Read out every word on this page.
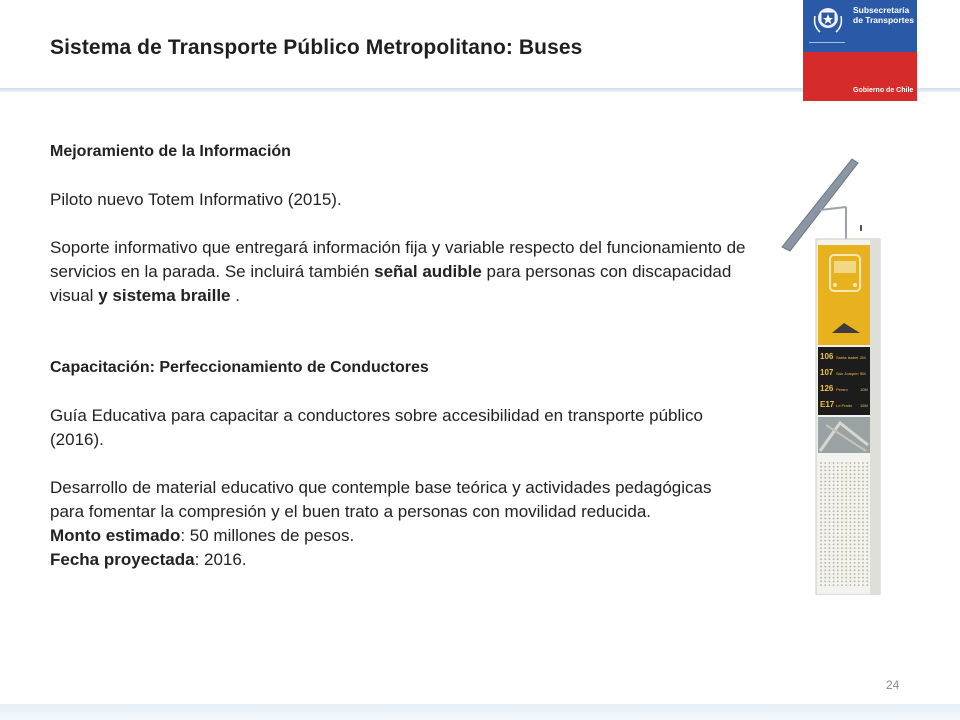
Sistema de Transporte Público Metropolitano: Buses
Subsecretaría
de Transportes
Gobierno de Chile

Mejoramiento de la Información

Piloto nuevo Totem Informativo (2015).

Soporte informativo que entregará información fija y variable respecto del funcionamiento de servicios en la parada. Se incluirá también señal audible para personas con discapacidad visual y sistema braille .

Capacitación: Perfeccionamiento de Conductores

Guía Educativa para capacitar a conductores sobre accesibilidad en transporte público (2016).

Desarrollo de material educativo que contemple base teórica y actividades pedagógicas para fomentar la compresión y el buen trato a personas con movilidad reducida.

Monto estimado: 50 millones de pesos.

Fecha proyectada: 2016.

106 Santa Isabel 2M
107 San Joaquín 5M
126 Persro	10M
E17 Lo Prado 15M
24
